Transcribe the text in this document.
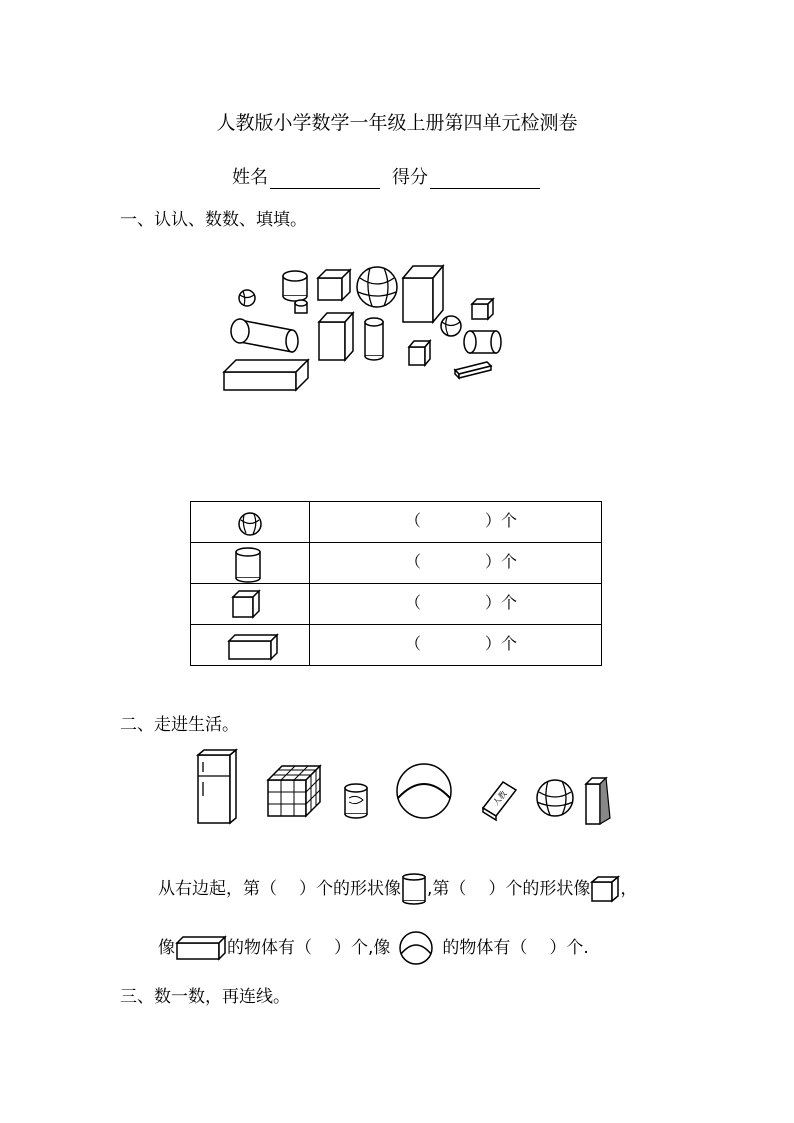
人教版小学数学一年级上册第四单元检测卷
姓名	得分
一、认认、数数、填填。

（ ）个

（ ）个

（ ）个

（ ）个
二、走进生活。
人教
从右边起，第（ ）个的形状像 ,第（ ）个的形状像 ，
像	的物体有（ ）个,像	的物体有（ ）个.
三、数一数，再连线。
